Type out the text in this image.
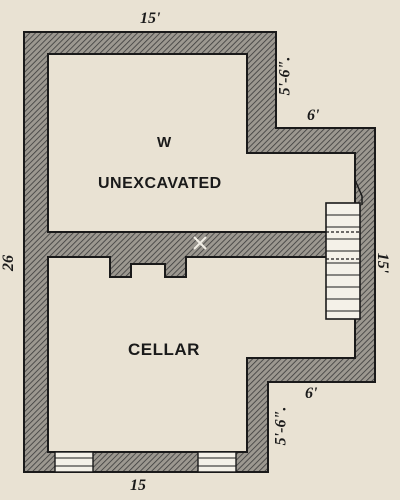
W
UNEXCAVATED
CELLAR
15'
5'-6".
6'
15'
6'
5'-6".
15
26
